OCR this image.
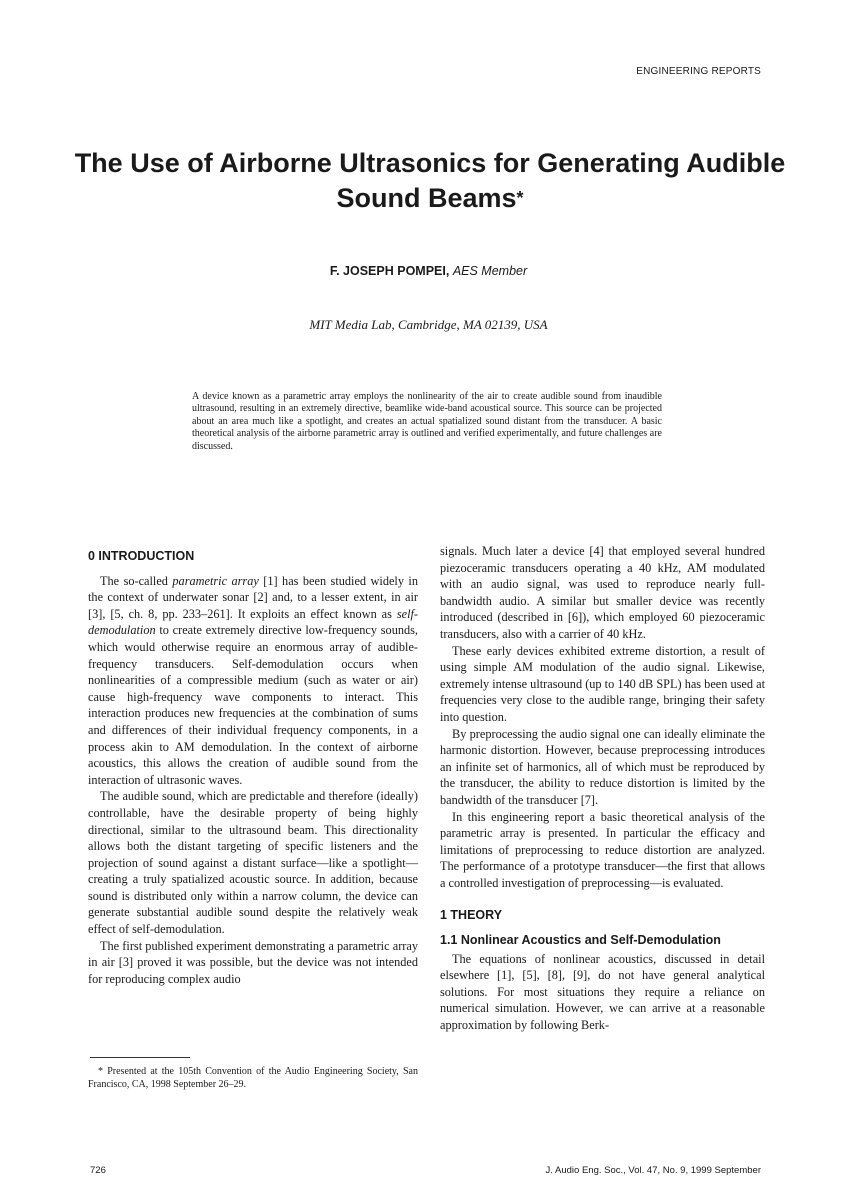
ENGINEERING REPORTS
The Use of Airborne Ultrasonics for Generating Audible
Sound Beams*
F. JOSEPH POMPEI, AES Member
MIT Media Lab, Cambridge, MA 02139, USA
A device known as a parametric array employs the nonlinearity of the air to create audible sound from inaudible ultrasound, resulting in an extremely directive, beamlike wide-band acoustical source. This source can be projected about an area much like a spotlight, and creates an actual spatialized sound distant from the transducer. A basic theoretical analysis of the airborne parametric array is outlined and verified experimentally, and future challenges are discussed.
0 INTRODUCTION

The so-called parametric array [1] has been studied widely in the context of underwater sonar [2] and, to a lesser extent, in air [3], [5, ch. 8, pp. 233–261]. It exploits an effect known as self-demodulation to create extremely directive low-frequency sounds, which would otherwise require an enormous array of audible-frequency transducers. Self-demodulation occurs when nonlinearities of a compressible medium (such as water or air) cause high-frequency wave components to interact. This interaction produces new frequencies at the combination of sums and differences of their individual frequency components, in a process akin to AM demodulation. In the context of airborne acoustics, this allows the creation of audible sound from the interaction of ultrasonic waves.

The audible sound, which are predictable and therefore (ideally) controllable, have the desirable property of being highly directional, similar to the ultrasound beam. This directionality allows both the distant targeting of specific listeners and the projection of sound against a distant surface—like a spotlight—creating a truly spatialized acoustic source. In addition, because sound is distributed only within a narrow column, the device can generate substantial audible sound despite the relatively weak effect of self-demodulation.

The first published experiment demonstrating a parametric array in air [3] proved it was possible, but the device was not intended for reproducing complex audio

signals. Much later a device [4] that employed several hundred piezoceramic transducers operating a 40 kHz, AM modulated with an audio signal, was used to reproduce nearly full-bandwidth audio. A similar but smaller device was recently introduced (described in [6]), which employed 60 piezoceramic transducers, also with a carrier of 40 kHz.

These early devices exhibited extreme distortion, a result of using simple AM modulation of the audio signal. Likewise, extremely intense ultrasound (up to 140 dB SPL) has been used at frequencies very close to the audible range, bringing their safety into question.

By preprocessing the audio signal one can ideally eliminate the harmonic distortion. However, because preprocessing introduces an infinite set of harmonics, all of which must be reproduced by the transducer, the ability to reduce distortion is limited by the bandwidth of the transducer [7].

In this engineering report a basic theoretical analysis of the parametric array is presented. In particular the efficacy and limitations of preprocessing to reduce distortion are analyzed. The performance of a prototype transducer—the first that allows a controlled investigation of preprocessing—is evaluated.

1 THEORY
1.1 Nonlinear Acoustics and Self-Demodulation

The equations of nonlinear acoustics, discussed in detail elsewhere [1], [5], [8], [9], do not have general analytical solutions. For most situations they require a reliance on numerical simulation. However, we can arrive at a reasonable approximation by following Berk-

* Presented at the 105th Convention of the Audio Engineering Society, San Francisco, CA, 1998 September 26–29.
726	J. Audio Eng. Soc., Vol. 47, No. 9, 1999 September
